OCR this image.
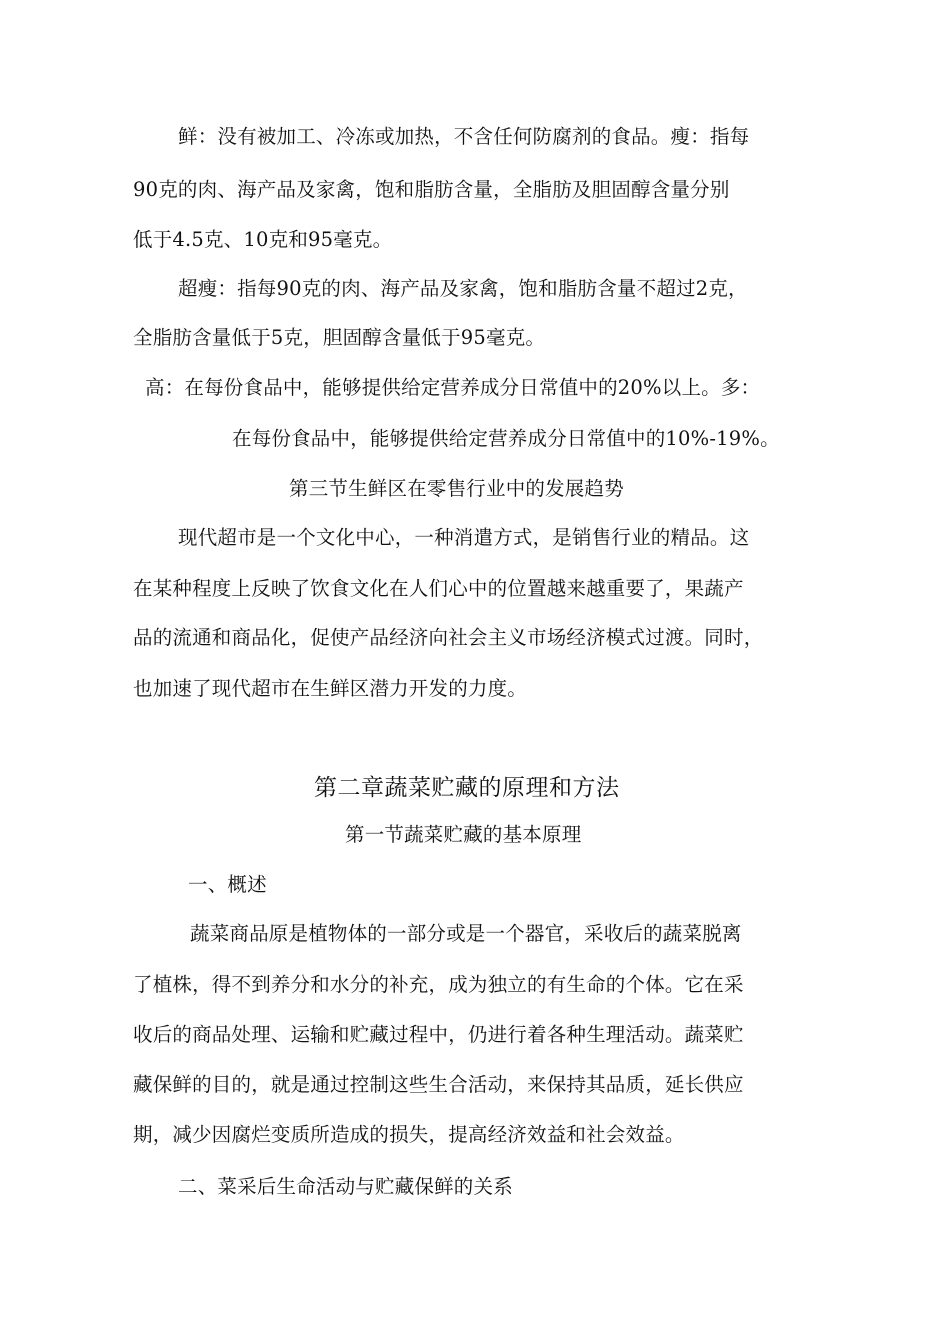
鲜：没有被加工、冷冻或加热，不含任何防腐剂的食品。瘦：指每
90克的肉、海产品及家禽，饱和脂肪含量，全脂肪及胆固醇含量分别
低于4.5克、10克和95毫克。
超瘦：指每90克的肉、海产品及家禽，饱和脂肪含量不超过2克，
全脂肪含量低于5克，胆固醇含量低于95毫克。
高：在每份食品中，能够提供给定营养成分日常值中的20%以上。多：
在每份食品中，能够提供给定营养成分日常值中的10%-19%。
第三节生鲜区在零售行业中的发展趋势
现代超市是一个文化中心，一种消遣方式，是销售行业的精品。这
在某种程度上反映了饮食文化在人们心中的位置越来越重要了，果蔬产
品的流通和商品化，促使产品经济向社会主义市场经济模式过渡。同时，
也加速了现代超市在生鲜区潜力开发的力度。
第二章蔬菜贮藏的原理和方法
第一节蔬菜贮藏的基本原理
一、概述
蔬菜商品原是植物体的一部分或是一个器官，采收后的蔬菜脱离
了植株，得不到养分和水分的补充，成为独立的有生命的个体。它在采
收后的商品处理、运输和贮藏过程中，仍进行着各种生理活动。蔬菜贮
藏保鲜的目的，就是通过控制这些生合活动，来保持其品质，延长供应
期，减少因腐烂变质所造成的损失，提高经济效益和社会效益。
二、菜采后生命活动与贮藏保鲜的关系
